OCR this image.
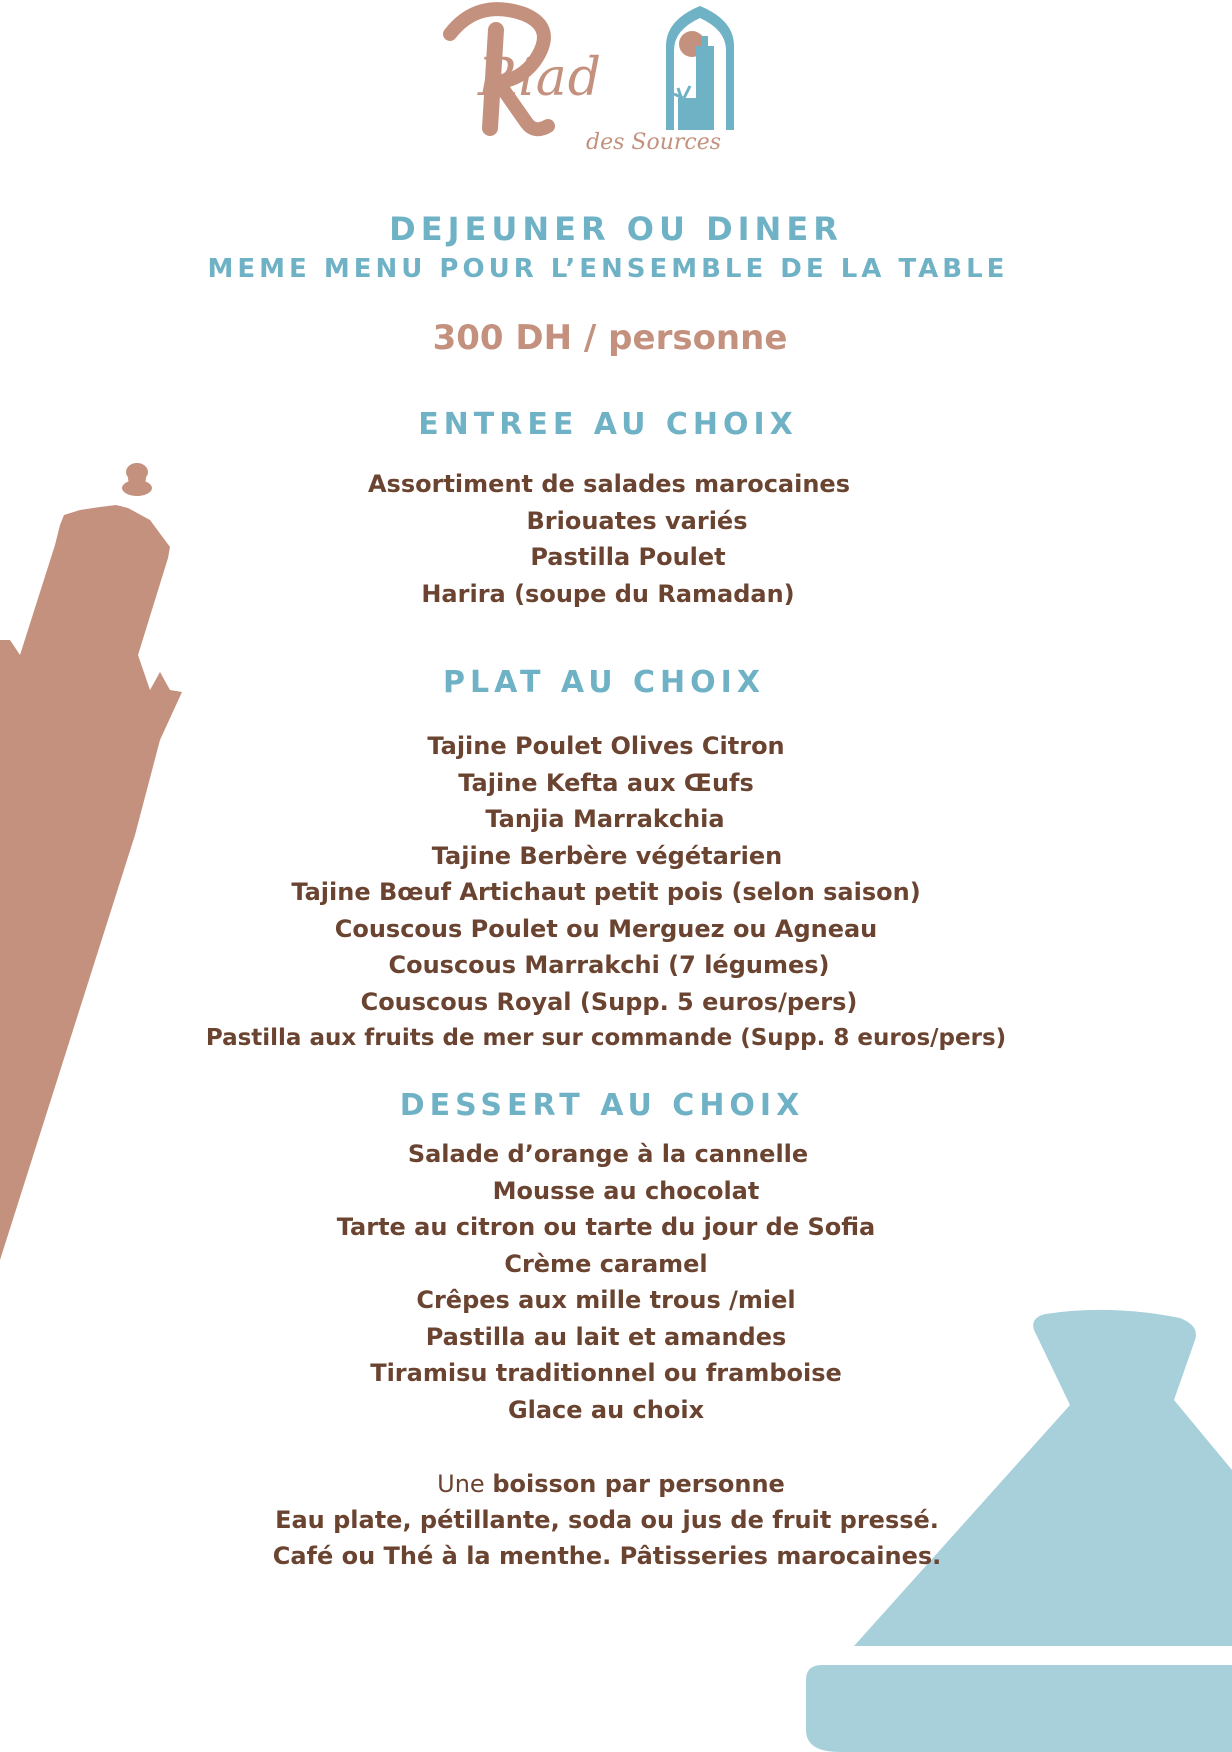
Riad
des Sources
DEJEUNER OU DINER
MEME MENU POUR L’ENSEMBLE DE LA TABLE
300 DH / personne
ENTREE AU CHOIX
Assortiment de salades marocaines
Briouates variés
Pastilla Poulet
Harira (soupe du Ramadan)
PLAT AU CHOIX
Tajine Poulet Olives Citron
Tajine Kefta aux Œufs
Tanjia Marrakchia
Tajine Berbère végétarien
Tajine Bœuf Artichaut petit pois (selon saison)
Couscous Poulet ou Merguez ou Agneau
Couscous Marrakchi (7 légumes)
Couscous Royal (Supp. 5 euros/pers)
Pastilla aux fruits de mer sur commande (Supp. 8 euros/pers)
DESSERT AU CHOIX
Salade d’orange à la cannelle
Mousse au chocolat
Tarte au citron ou tarte du jour de Sofia
Crème caramel
Crêpes aux mille trous /miel
Pastilla au lait et amandes
Tiramisu traditionnel ou framboise
Glace au choix
Une boisson par personne
Eau plate, pétillante, soda ou jus de fruit pressé.
Café ou Thé à la menthe. Pâtisseries marocaines.
